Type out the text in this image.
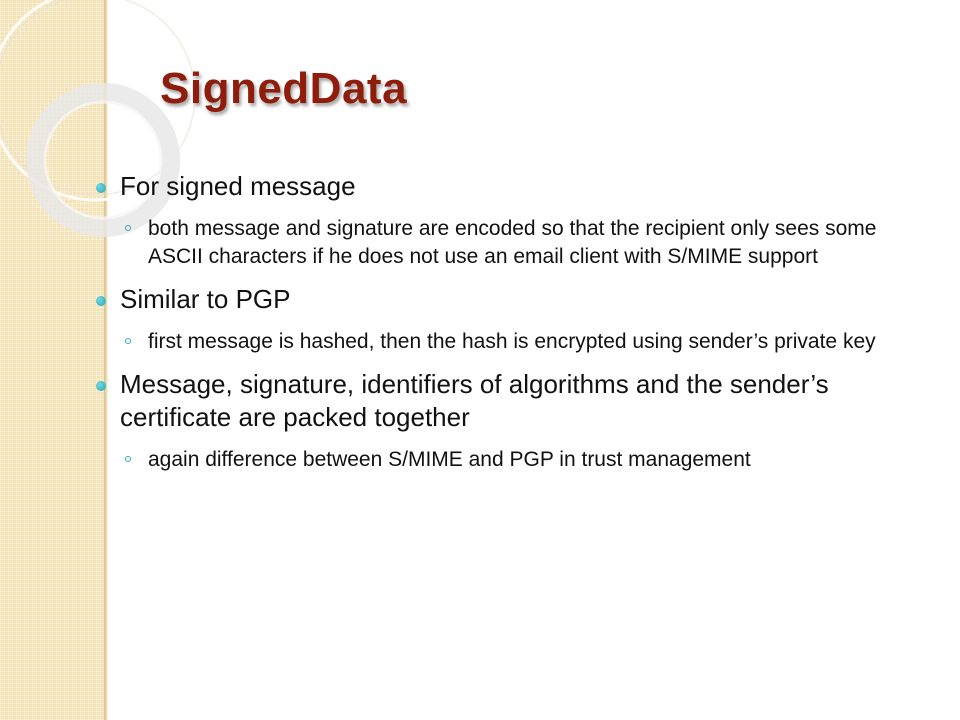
SignedData
For signed message
both message and signature are encoded so that the recipient only sees some ASCII characters if he does not use an email client with S/MIME support
Similar to PGP
first message is hashed, then the hash is encrypted using sender’s private key
Message, signature, identifiers of algorithms and the sender’s certificate are packed together
again difference between S/MIME and PGP in trust management
